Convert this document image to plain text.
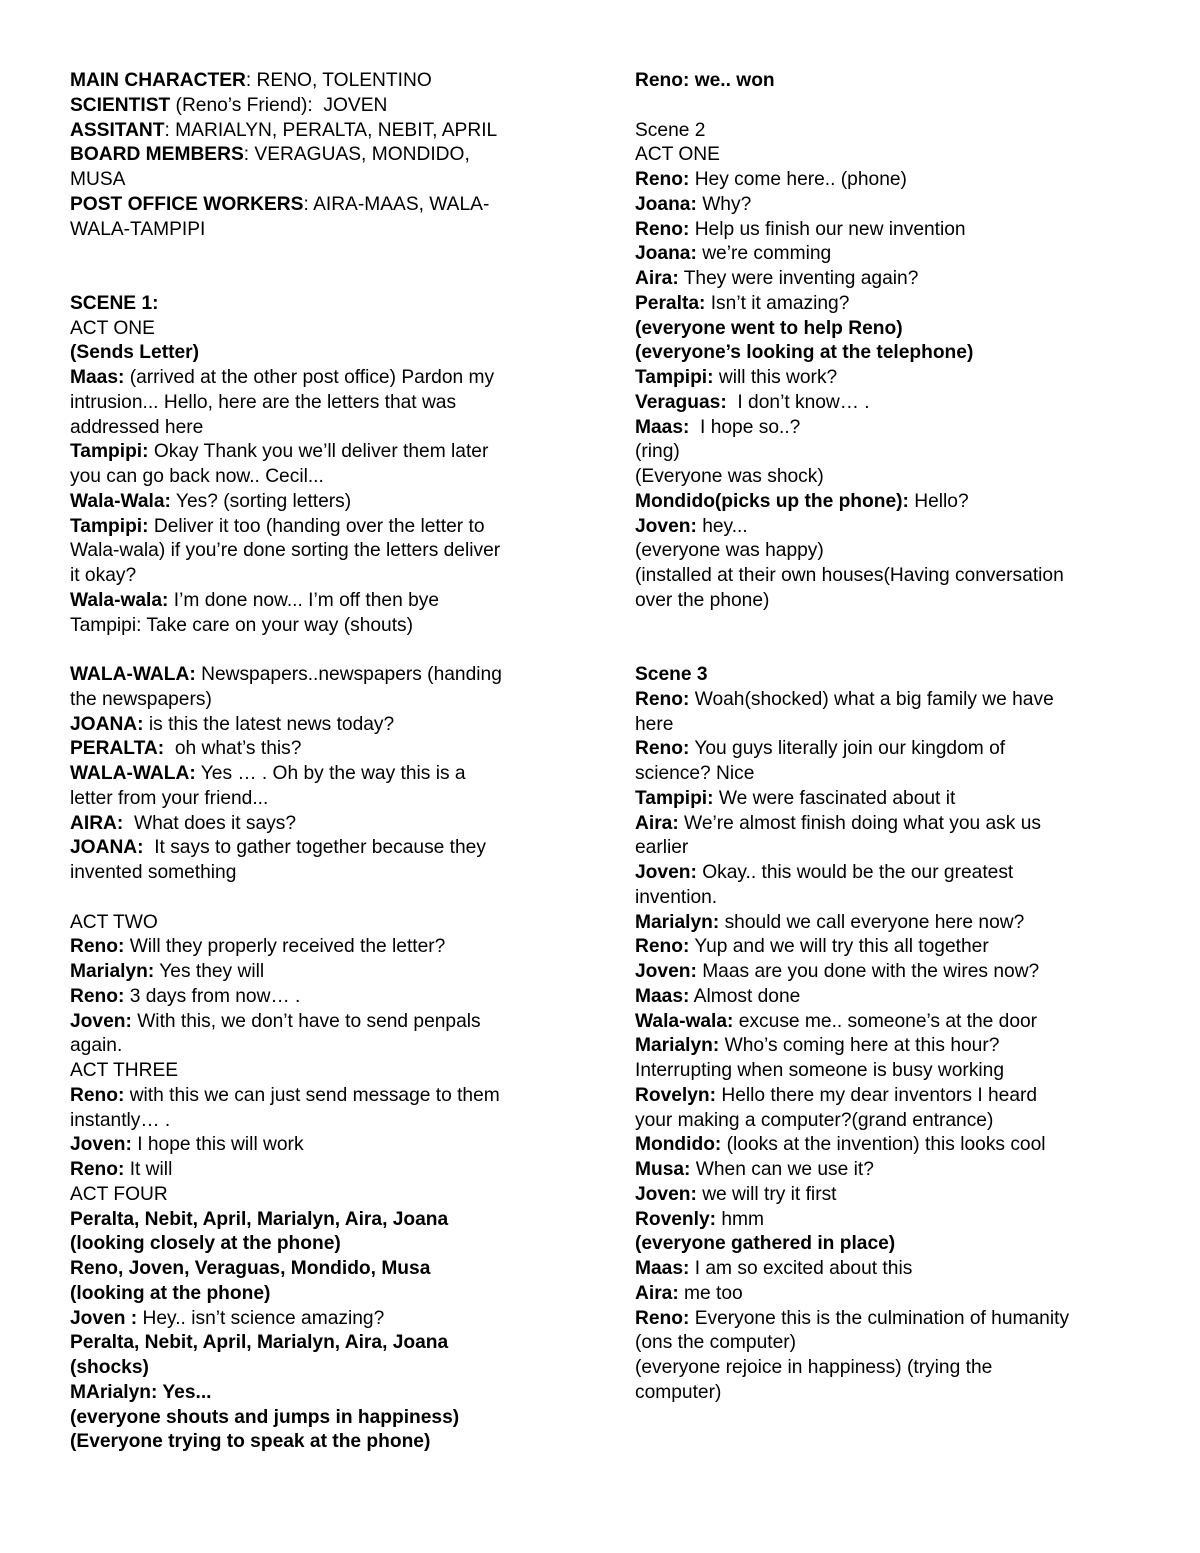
MAIN CHARACTER: RENO, TOLENTINO
SCIENTIST (Reno’s Friend):  JOVEN
ASSITANT: MARIALYN, PERALTA, NEBIT, APRIL
BOARD MEMBERS: VERAGUAS, MONDIDO,
MUSA
POST OFFICE WORKERS: AIRA-MAAS, WALA-
WALA-TAMPIPI
SCENE 1:
ACT ONE
(Sends Letter)
Maas: (arrived at the other post office) Pardon my
intrusion... Hello, here are the letters that was
addressed here
Tampipi: Okay Thank you we’ll deliver them later
you can go back now.. Cecil...
Wala-Wala: Yes? (sorting letters)
Tampipi: Deliver it too (handing over the letter to
Wala-wala) if you’re done sorting the letters deliver
it okay?
Wala-wala: I’m done now... I’m off then bye
Tampipi: Take care on your way (shouts)
WALA-WALA: Newspapers..newspapers (handing
the newspapers)
JOANA: is this the latest news today?
PERALTA:  oh what’s this?
WALA-WALA: Yes … . Oh by the way this is a
letter from your friend...
AIRA:  What does it says?
JOANA:  It says to gather together because they
invented something
ACT TWO
Reno: Will they properly received the letter?
Marialyn: Yes they will
Reno: 3 days from now… .
Joven: With this, we don’t have to send penpals
again.
ACT THREE
Reno: with this we can just send message to them
instantly… .
Joven: I hope this will work
Reno: It will
ACT FOUR
Peralta, Nebit, April, Marialyn, Aira, Joana
(looking closely at the phone)
Reno, Joven, Veraguas, Mondido, Musa
(looking at the phone)
Joven : Hey.. isn’t science amazing?
Peralta, Nebit, April, Marialyn, Aira, Joana
(shocks)
MArialyn: Yes...
(everyone shouts and jumps in happiness)
(Everyone trying to speak at the phone)
Reno: we.. won
Scene 2
ACT ONE
Reno: Hey come here.. (phone)
Joana: Why?
Reno: Help us finish our new invention
Joana: we’re comming
Aira: They were inventing again?
Peralta: Isn’t it amazing?
(everyone went to help Reno)
(everyone’s looking at the telephone)
Tampipi: will this work?
Veraguas:  I don’t know… .
Maas:  I hope so..?
(ring)
(Everyone was shock)
Mondido(picks up the phone): Hello?
Joven: hey...
(everyone was happy)
(installed at their own houses(Having conversation
over the phone)
Scene 3
Reno: Woah(shocked) what a big family we have
here
Reno: You guys literally join our kingdom of
science? Nice
Tampipi: We were fascinated about it
Aira: We’re almost finish doing what you ask us
earlier
Joven: Okay.. this would be the our greatest
invention.
Marialyn: should we call everyone here now?
Reno: Yup and we will try this all together
Joven: Maas are you done with the wires now?
Maas: Almost done
Wala-wala: excuse me.. someone’s at the door
Marialyn: Who’s coming here at this hour?
Interrupting when someone is busy working
Rovelyn: Hello there my dear inventors I heard
your making a computer?(grand entrance)
Mondido: (looks at the invention) this looks cool
Musa: When can we use it?
Joven: we will try it first
Rovenly: hmm
(everyone gathered in place)
Maas: I am so excited about this
Aira: me too
Reno: Everyone this is the culmination of humanity
(ons the computer)
(everyone rejoice in happiness) (trying the
computer)
